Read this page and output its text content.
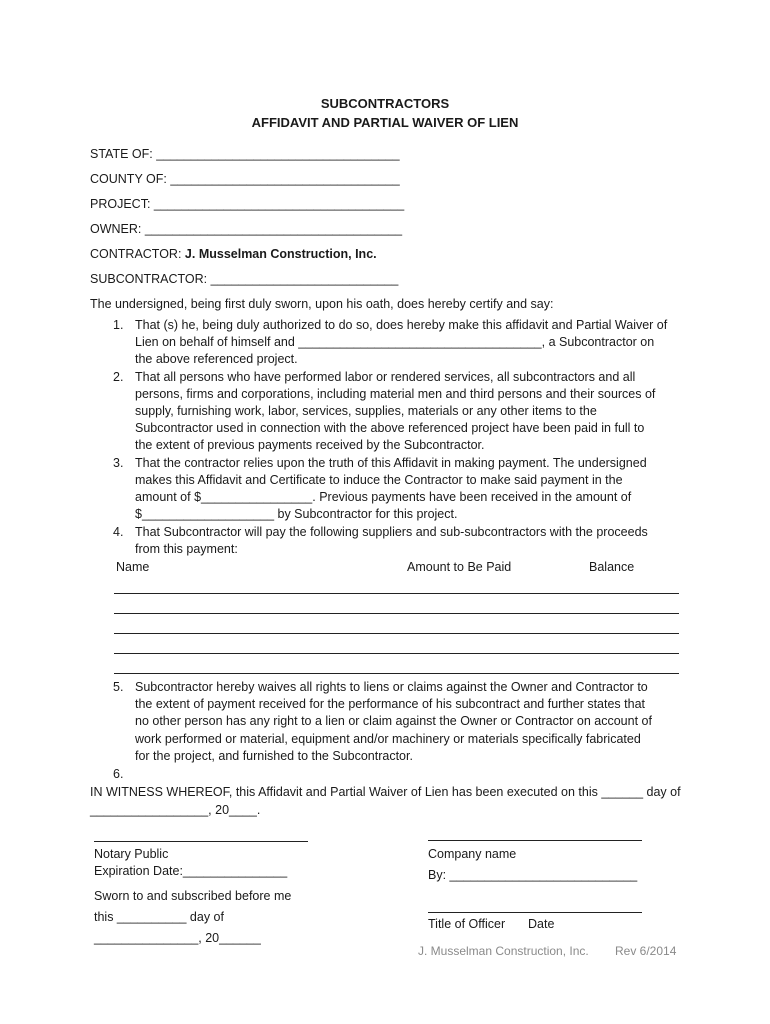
SUBCONTRACTORS
AFFIDAVIT AND PARTIAL WAIVER OF LIEN
STATE OF: ___________________________________
COUNTY OF: _________________________________
PROJECT: ____________________________________
OWNER: _____________________________________
CONTRACTOR: J. Musselman Construction, Inc.
SUBCONTRACTOR: ___________________________
The undersigned, being first duly sworn, upon his oath, does hereby certify and say:
1. That (s) he, being duly authorized to do so, does hereby make this affidavit and Partial Waiver of
Lien on behalf of himself and ___________________________________, a Subcontractor on
the above referenced project.
2. That all persons who have performed labor or rendered services, all subcontractors and all
persons, firms and corporations, including material men and third persons and their sources of
supply, furnishing work, labor, services, supplies, materials or any other items to the
Subcontractor used in connection with the above referenced project have been paid in full to
the extent of previous payments received by the Subcontractor.
3. That the contractor relies upon the truth of this Affidavit in making payment. The undersigned
makes this Affidavit and Certificate to induce the Contractor to make said payment in the
amount of $________________. Previous payments have been received in the amount of
$___________________ by Subcontractor for this project.
4. That Subcontractor will pay the following suppliers and sub-subcontractors with the proceeds
from this payment:
Name	Amount to Be Paid	Balance
5. Subcontractor hereby waives all rights to liens or claims against the Owner and Contractor to
the extent of payment received for the performance of his subcontract and further states that
no other person has any right to a lien or claim against the Owner or Contractor on account of
work performed or material, equipment and/or machinery or materials specifically fabricated
for the project, and furnished to the Subcontractor.
6.
IN WITNESS WHEREOF, this Affidavit and Partial Waiver of Lien has been executed on this ______ day of
_________________, 20____.
Notary Public
Expiration Date:_______________
Sworn to and subscribed before me
this __________ day of
_______________, 20______
Company name
By: ___________________________
Title of Officer Date
J. Musselman Construction, Inc. Rev 6/2014
